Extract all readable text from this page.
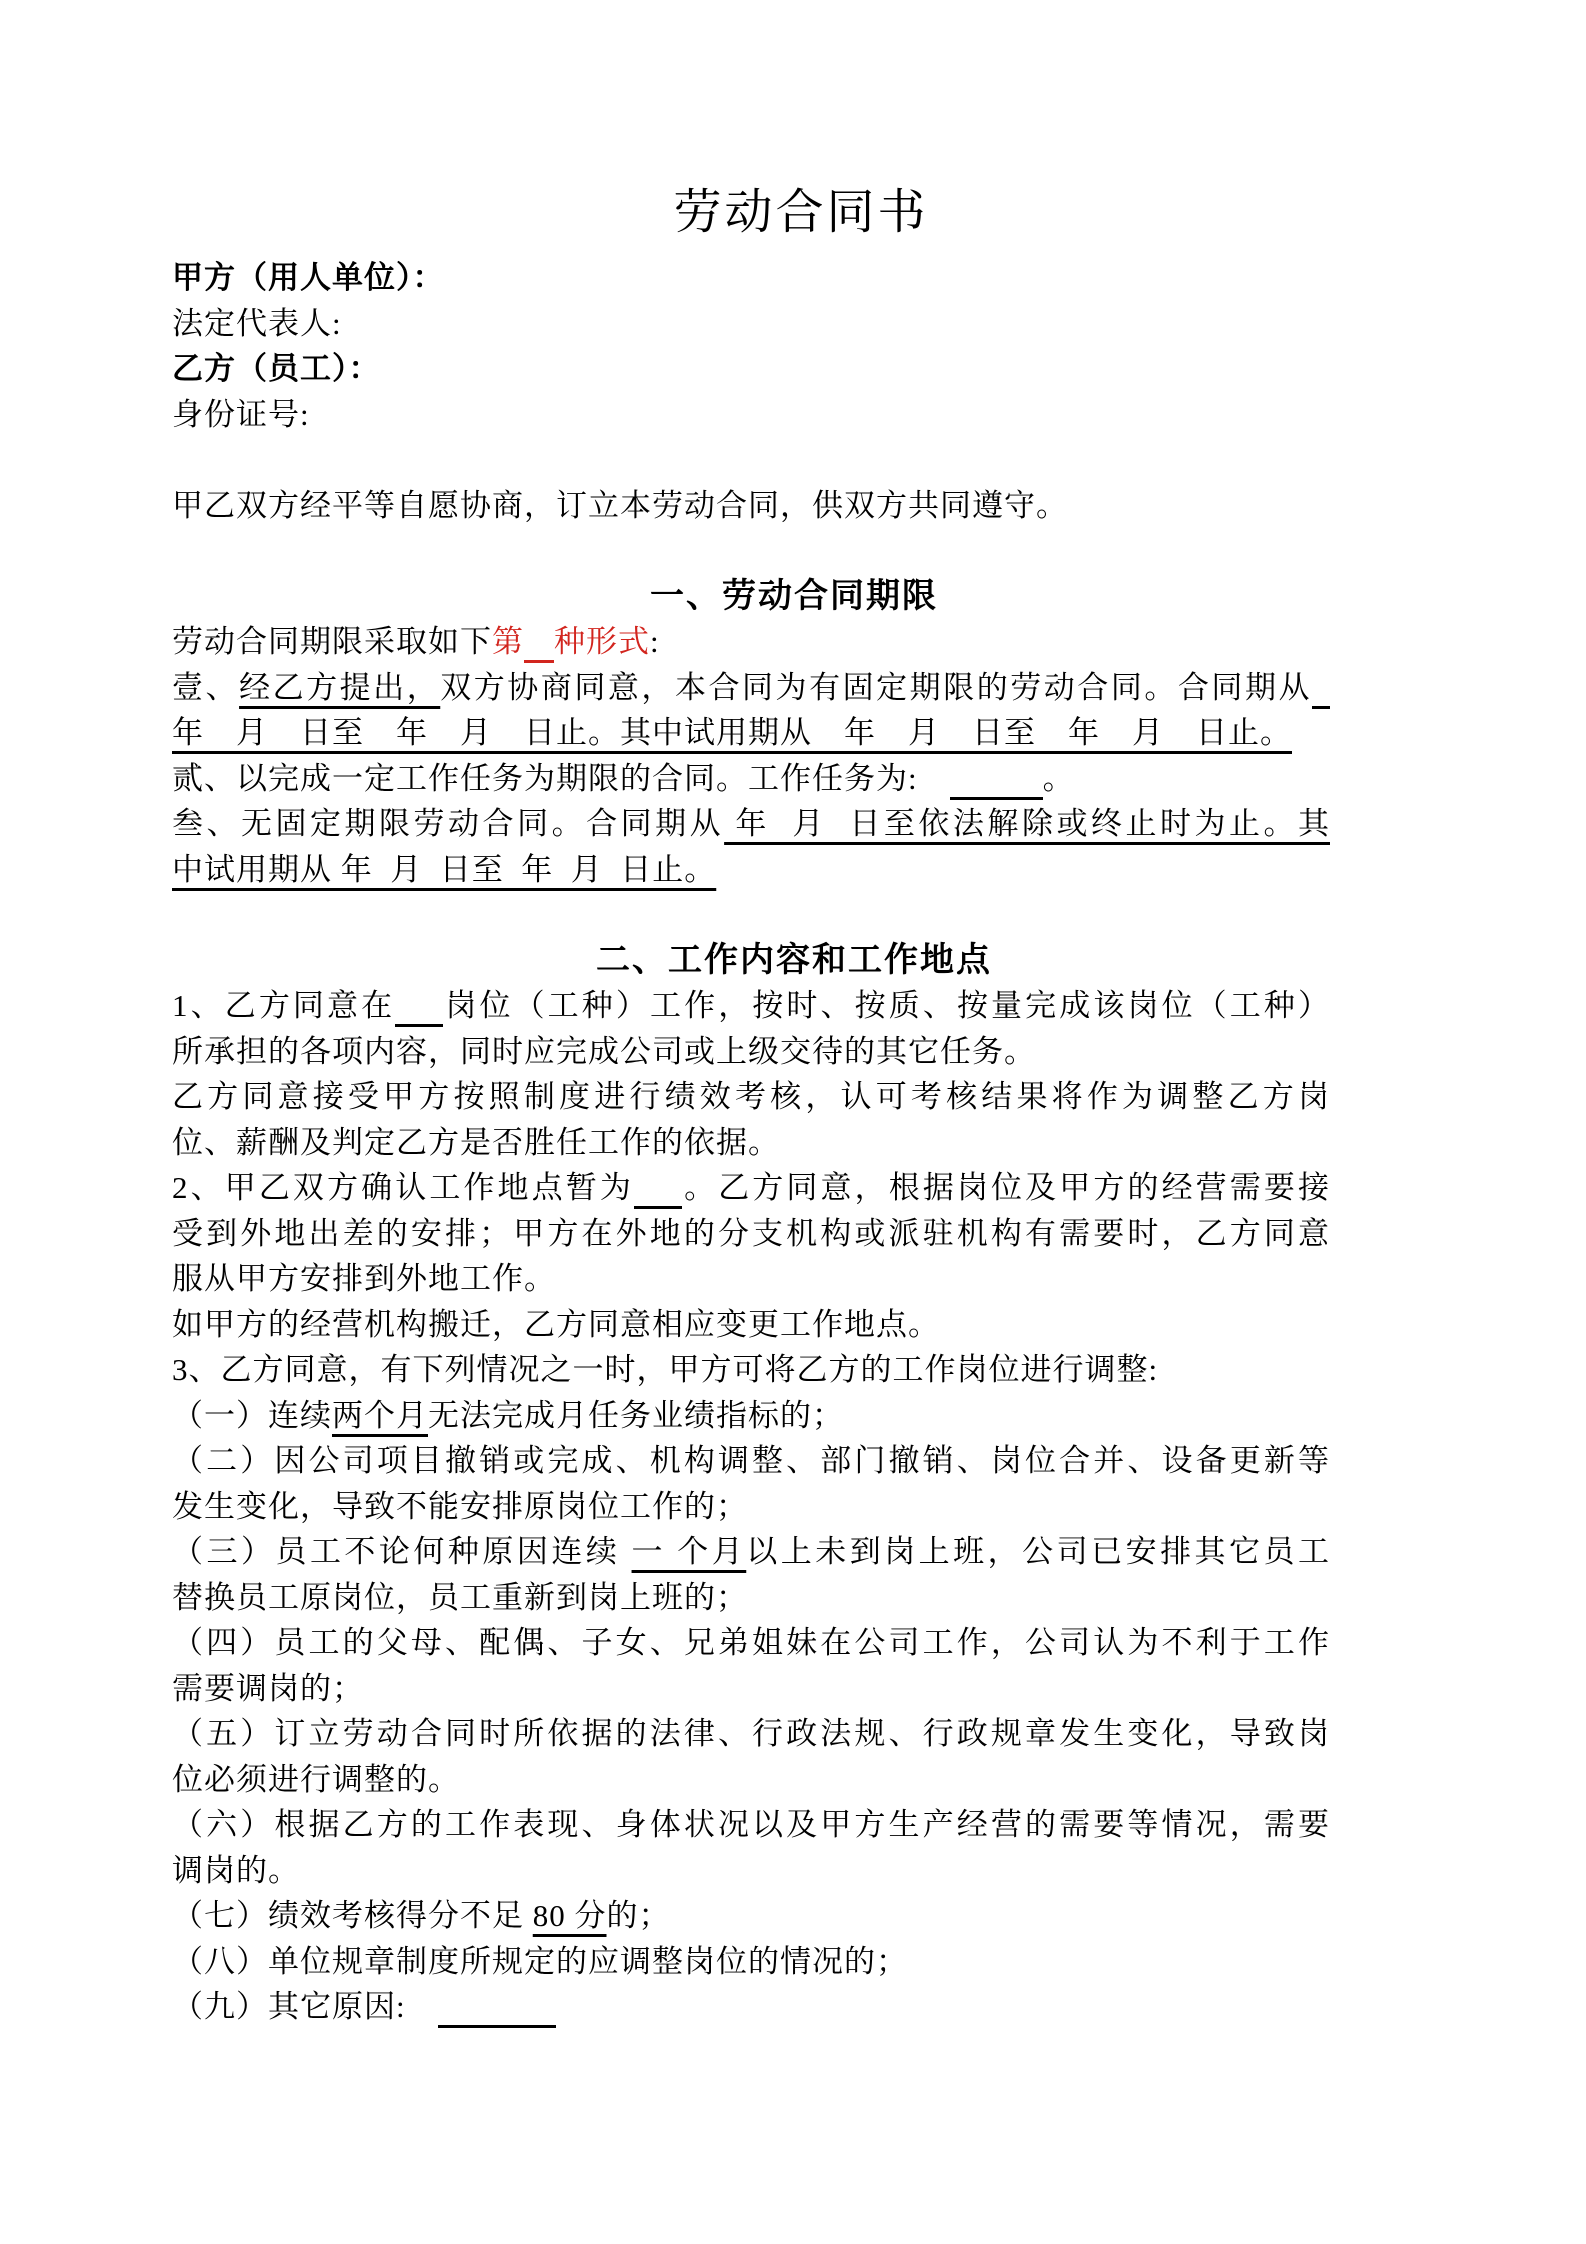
劳动合同书
甲方（用人单位）：
法定代表人:
乙方（员工）：
身份证号:

甲乙双方经平等自愿协商，订立本劳动合同，供双方共同遵守。

一、劳动合同期限
劳动合同期限采取如下第 种形式:
壹、经乙方提出，双方协商同意，本合同为有固定期限的劳动合同。合同期从
年　月　日至　年　月　日止。其中试用期从　年　月　日至　年　月　日止。
贰、以完成一定工作任务为期限的合同。工作任务为:　	。
叁、无固定期限劳动合同。合同期从 年  月  日至依法解除或终止时为止。其
中试用期从 年  月  日至  年  月  日止。

二、工作内容和工作地点
1、乙方同意在 岗位（工种）工作，按时、按质、按量完成该岗位（工种）
所承担的各项内容，同时应完成公司或上级交待的其它任务。
乙方同意接受甲方按照制度进行绩效考核，认可考核结果将作为调整乙方岗
位、薪酬及判定乙方是否胜任工作的依据。
2、甲乙双方确认工作地点暂为 。乙方同意，根据岗位及甲方的经营需要接
受到外地出差的安排；甲方在外地的分支机构或派驻机构有需要时，乙方同意
服从甲方安排到外地工作。
如甲方的经营机构搬迁，乙方同意相应变更工作地点。
3、乙方同意，有下列情况之一时，甲方可将乙方的工作岗位进行调整:
（一）连续两个月无法完成月任务业绩指标的；
（二）因公司项目撤销或完成、机构调整、部门撤销、岗位合并、设备更新等
发生变化，导致不能安排原岗位工作的；
（三）员工不论何种原因连续 一 个月以上未到岗上班，公司已安排其它员工
替换员工原岗位，员工重新到岗上班的；
（四）员工的父母、配偶、子女、兄弟姐妹在公司工作，公司认为不利于工作
需要调岗的；
（五）订立劳动合同时所依据的法律、行政法规、行政规章发生变化，导致岗
位必须进行调整的。
（六）根据乙方的工作表现、身体状况以及甲方生产经营的需要等情况，需要
调岗的。
（七）绩效考核得分不足 80 分的；
（八）单位规章制度所规定的应调整岗位的情况的；
（九）其它原因:　
